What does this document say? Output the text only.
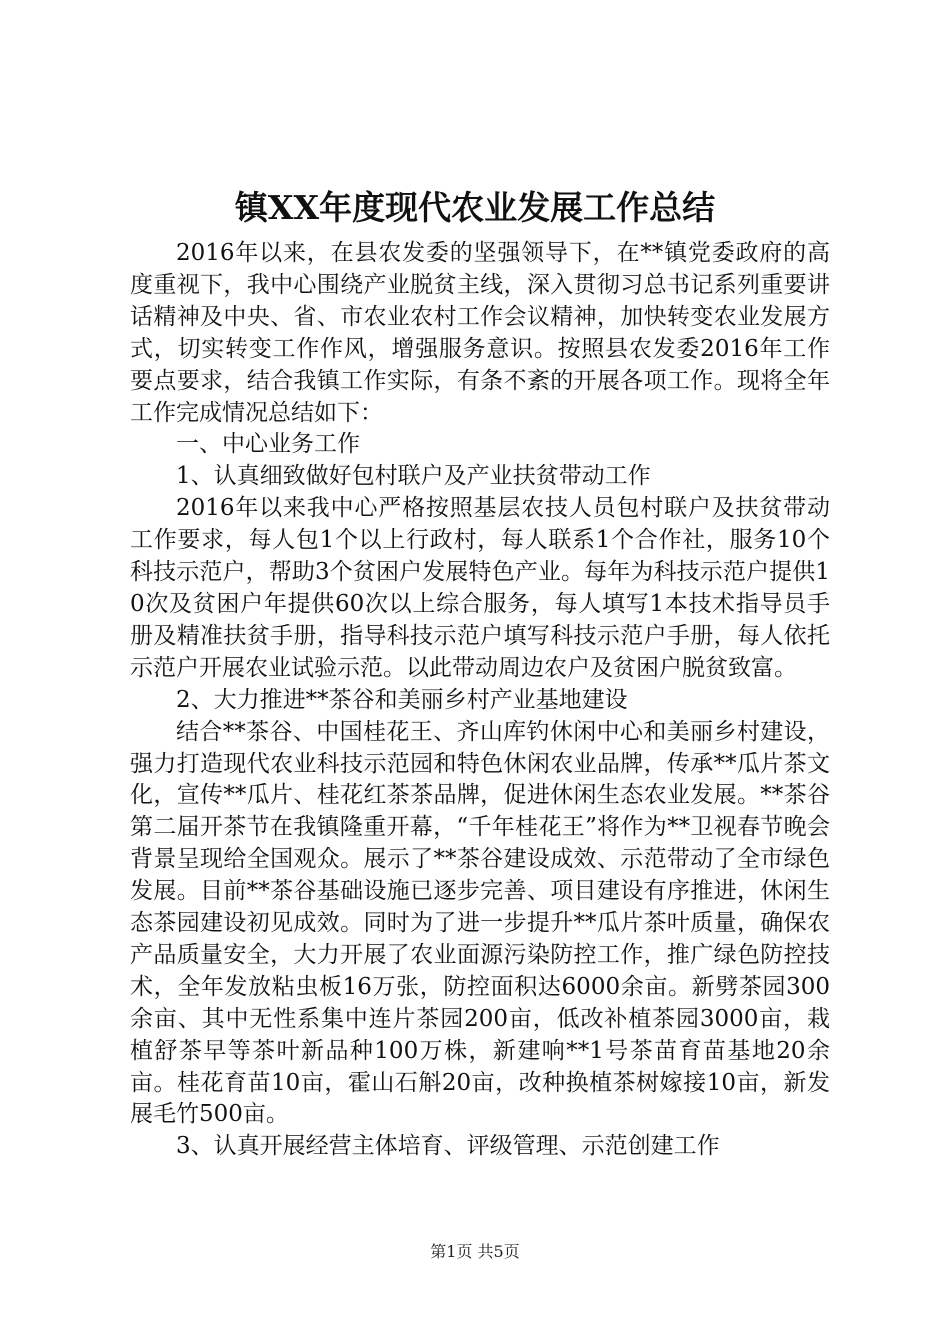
镇XX年度现代农业发展工作总结

2016年以来，在县农发委的坚强领导下，在**镇党委政府的高度重视下，我中心围绕产业脱贫主线，深入贯彻习总书记系列重要讲话精神及中央、省、市农业农村工作会议精神，加快转变农业发展方式，切实转变工作作风，增强服务意识。按照县农发委2016年工作要点要求，结合我镇工作实际，有条不紊的开展各项工作。现将全年工作完成情况总结如下：

一、中心业务工作

1、认真细致做好包村联户及产业扶贫带动工作

2016年以来我中心严格按照基层农技人员包村联户及扶贫带动工作要求，每人包1个以上行政村，每人联系1个合作社，服务10个科技示范户，帮助3个贫困户发展特色产业。每年为科技示范户提供10次及贫困户年提供60次以上综合服务，每人填写1本技术指导员手册及精准扶贫手册，指导科技示范户填写科技示范户手册，每人依托示范户开展农业试验示范。以此带动周边农户及贫困户脱贫致富。

2、大力推进**茶谷和美丽乡村产业基地建设

结合**茶谷、中国桂花王、齐山库钓休闲中心和美丽乡村建设，强力打造现代农业科技示范园和特色休闲农业品牌，传承**瓜片茶文化，宣传**瓜片、桂花红茶茶品牌，促进休闲生态农业发展。**茶谷第二届开茶节在我镇隆重开幕，“千年桂花王”将作为**卫视春节晚会背景呈现给全国观众。展示了**茶谷建设成效、示范带动了全市绿色发展。目前**茶谷基础设施已逐步完善、项目建设有序推进，休闲生态茶园建设初见成效。同时为了进一步提升**瓜片茶叶质量，确保农产品质量安全，大力开展了农业面源污染防控工作，推广绿色防控技术，全年发放粘虫板16万张，防控面积达6000余亩。新劈茶园300余亩、其中无性系集中连片茶园200亩，低改补植茶园3000亩，栽植舒茶早等茶叶新品种100万株，新建响**1号茶苗育苗基地20余亩。桂花育苗10亩，霍山石斛20亩，改种换植茶树嫁接10亩，新发展毛竹500亩。

3、认真开展经营主体培育、评级管理、示范创建工作

第1页 共5页
